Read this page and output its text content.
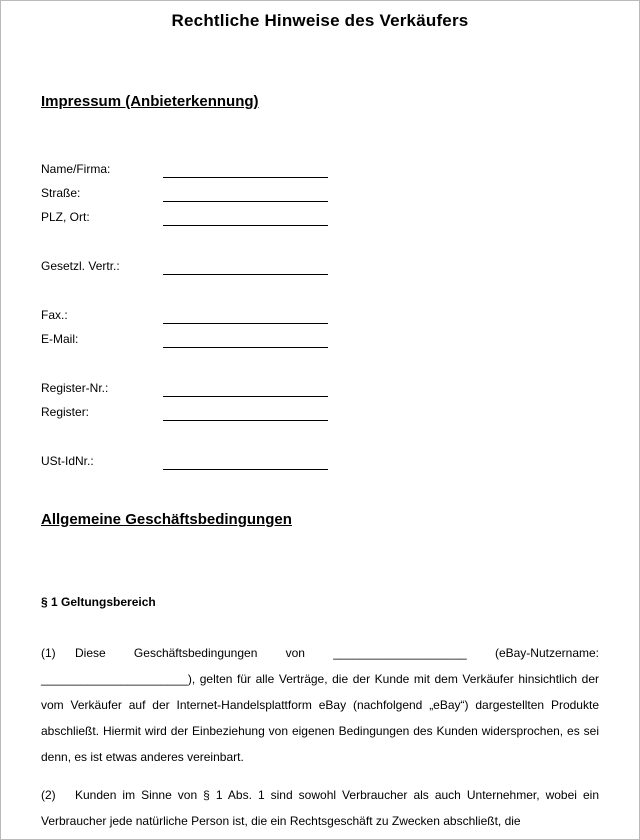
Rechtliche Hinweise des Verkäufers
Impressum (Anbieterkennung)
Name/Firma:
Straße:
PLZ, Ort:
Gesetzl. Vertr.:
Fax.:
E-Mail:
Register-Nr.:
Register:
USt-IdNr.:
Allgemeine Geschäftsbedingungen
§ 1 Geltungsbereich

(1) Diese Geschäftsbedingungen von ____________________ (eBay-Nutzername: ______________________), gelten für alle Verträge, die der Kunde mit dem Verkäufer hinsichtlich der vom Verkäufer auf der Internet-Handelsplattform eBay (nachfolgend „eBay“) dargestellten Produkte abschließt. Hiermit wird der Einbeziehung von eigenen Bedingungen des Kunden widersprochen, es sei denn, es ist etwas anderes vereinbart.

(2) Kunden im Sinne von § 1 Abs. 1 sind sowohl Verbraucher als auch Unternehmer, wobei ein Verbraucher jede natürliche Person ist, die ein Rechtsgeschäft zu Zwecken abschließt, die
